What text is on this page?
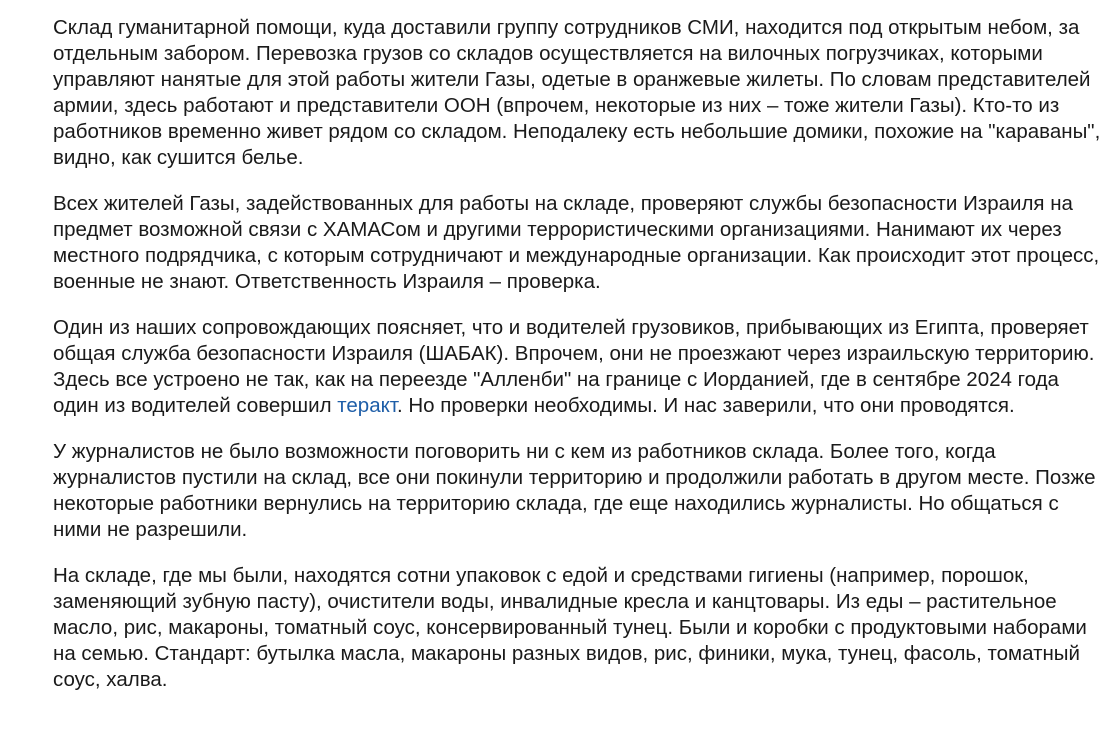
Склад гуманитарной помощи, куда доставили группу сотрудников СМИ, находится под открытым небом, за отдельным забором. Перевозка грузов со складов осуществляется на вилочных погрузчиках, которыми управляют нанятые для этой работы жители Газы, одетые в оранжевые жилеты. По словам представителей армии, здесь работают и представители ООН (впрочем, некоторые из них – тоже жители Газы). Кто-то из работников временно живет рядом со складом. Неподалеку есть небольшие домики, похожие на "караваны", видно, как сушится белье.

Всех жителей Газы, задействованных для работы на складе, проверяют службы безопасности Израиля на предмет возможной связи с ХАМАСом и другими террористическими организациями. Нанимают их через местного подрядчика, с которым сотрудничают и международные организации. Как происходит этот процесс, военные не знают. Ответственность Израиля – проверка.

Один из наших сопровождающих поясняет, что и водителей грузовиков, прибывающих из Египта, проверяет общая служба безопасности Израиля (ШАБАК). Впрочем, они не проезжают через израильскую территорию. Здесь все устроено не так, как на переезде "Алленби" на границе с Иорданией, где в сентябре 2024 года один из водителей совершил теракт. Но проверки необходимы. И нас заверили, что они проводятся.

У журналистов не было возможности поговорить ни с кем из работников склада. Более того, когда журналистов пустили на склад, все они покинули территорию и продолжили работать в другом месте. Позже некоторые работники вернулись на территорию склада, где еще находились журналисты. Но общаться с ними не разрешили.

На складе, где мы были, находятся сотни упаковок с едой и средствами гигиены (например, порошок, заменяющий зубную пасту), очистители воды, инвалидные кресла и канцтовары. Из еды – растительное масло, рис, макароны, томатный соус, консервированный тунец. Были и коробки с продуктовыми наборами на семью. Стандарт: бутылка масла, макароны разных видов, рис, финики, мука, тунец, фасоль, томатный соус, халва.
